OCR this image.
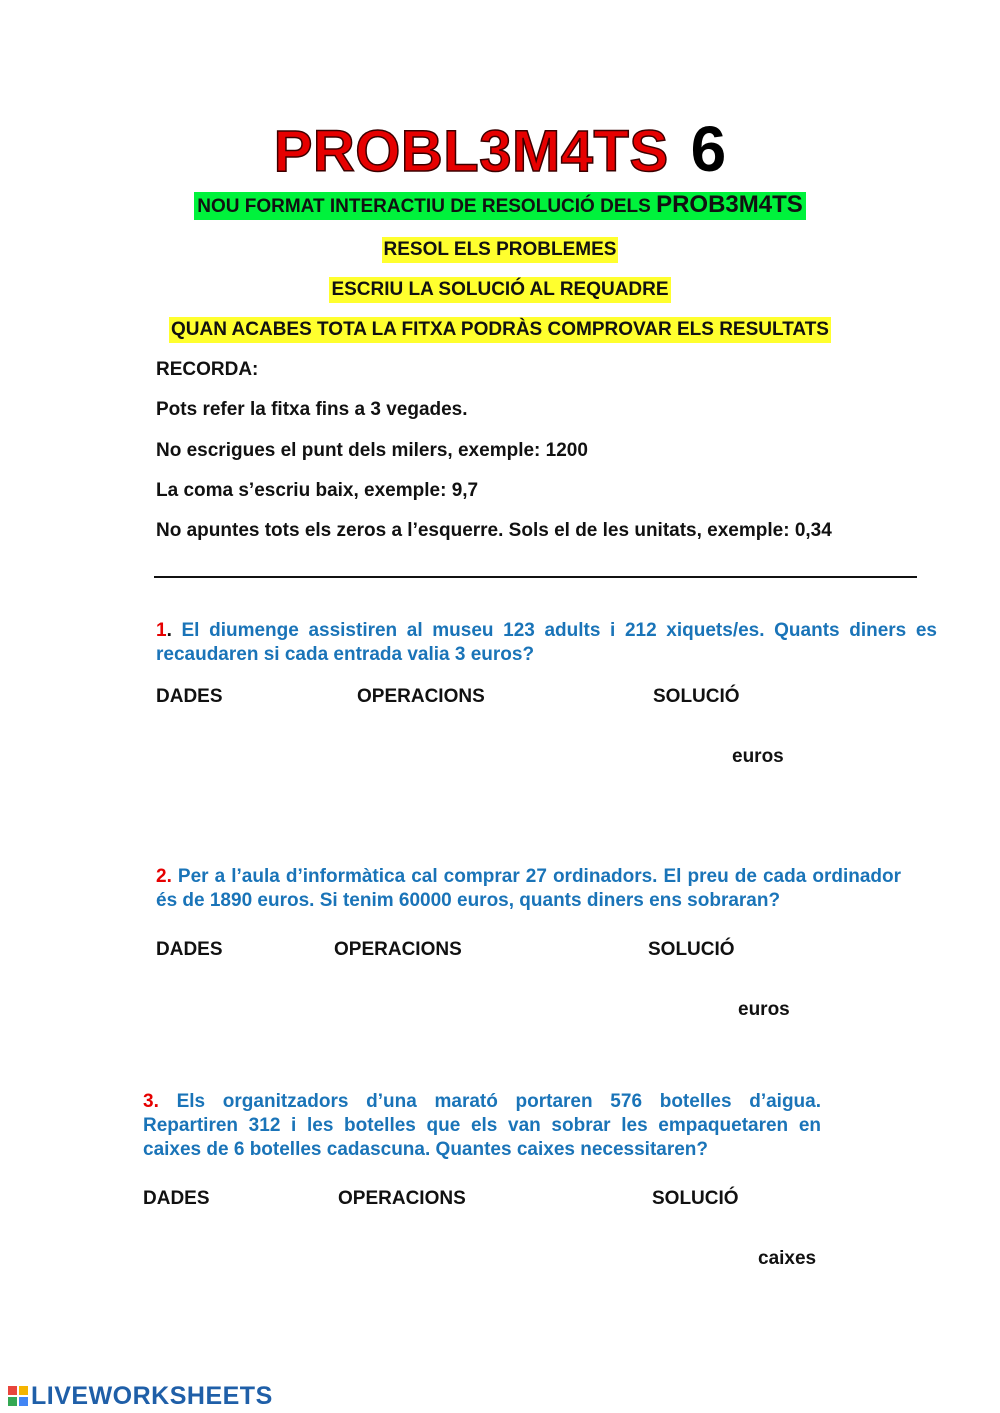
PROBL3M4TS 6
NOU FORMAT INTERACTIU DE RESOLUCIÓ DELS PROB3M4TS
RESOL ELS PROBLEMES
ESCRIU LA SOLUCIÓ AL REQUADRE
QUAN ACABES TOTA LA FITXA PODRÀS COMPROVAR ELS RESULTATS
RECORDA:
Pots refer la fitxa fins a 3 vegades.
No escrigues el punt dels milers, exemple: 1200
La coma s’escriu baix, exemple: 9,7
No apuntes tots els zeros a l’esquerre. Sols el de les unitats, exemple: 0,34
1. El diumenge assistiren al museu 123 adults i 212 xiquets/es. Quants diners es recaudaren si cada entrada valia 3 euros?
DADES	OPERACIONS	SOLUCIÓ
euros
2. Per a l’aula d’informàtica cal comprar 27 ordinadors. El preu de cada ordinador és de 1890 euros. Si tenim 60000 euros, quants diners ens sobraran?
DADES	OPERACIONS	SOLUCIÓ
euros
3. Els organitzadors d’una marató portaren 576 botelles d’aigua. Repartiren 312 i les botelles que els van sobrar les empaquetaren en caixes de 6 botelles cadascuna. Quantes caixes necessitaren?
DADES	OPERACIONS	SOLUCIÓ
caixes
LIVEWORKSHEETS
